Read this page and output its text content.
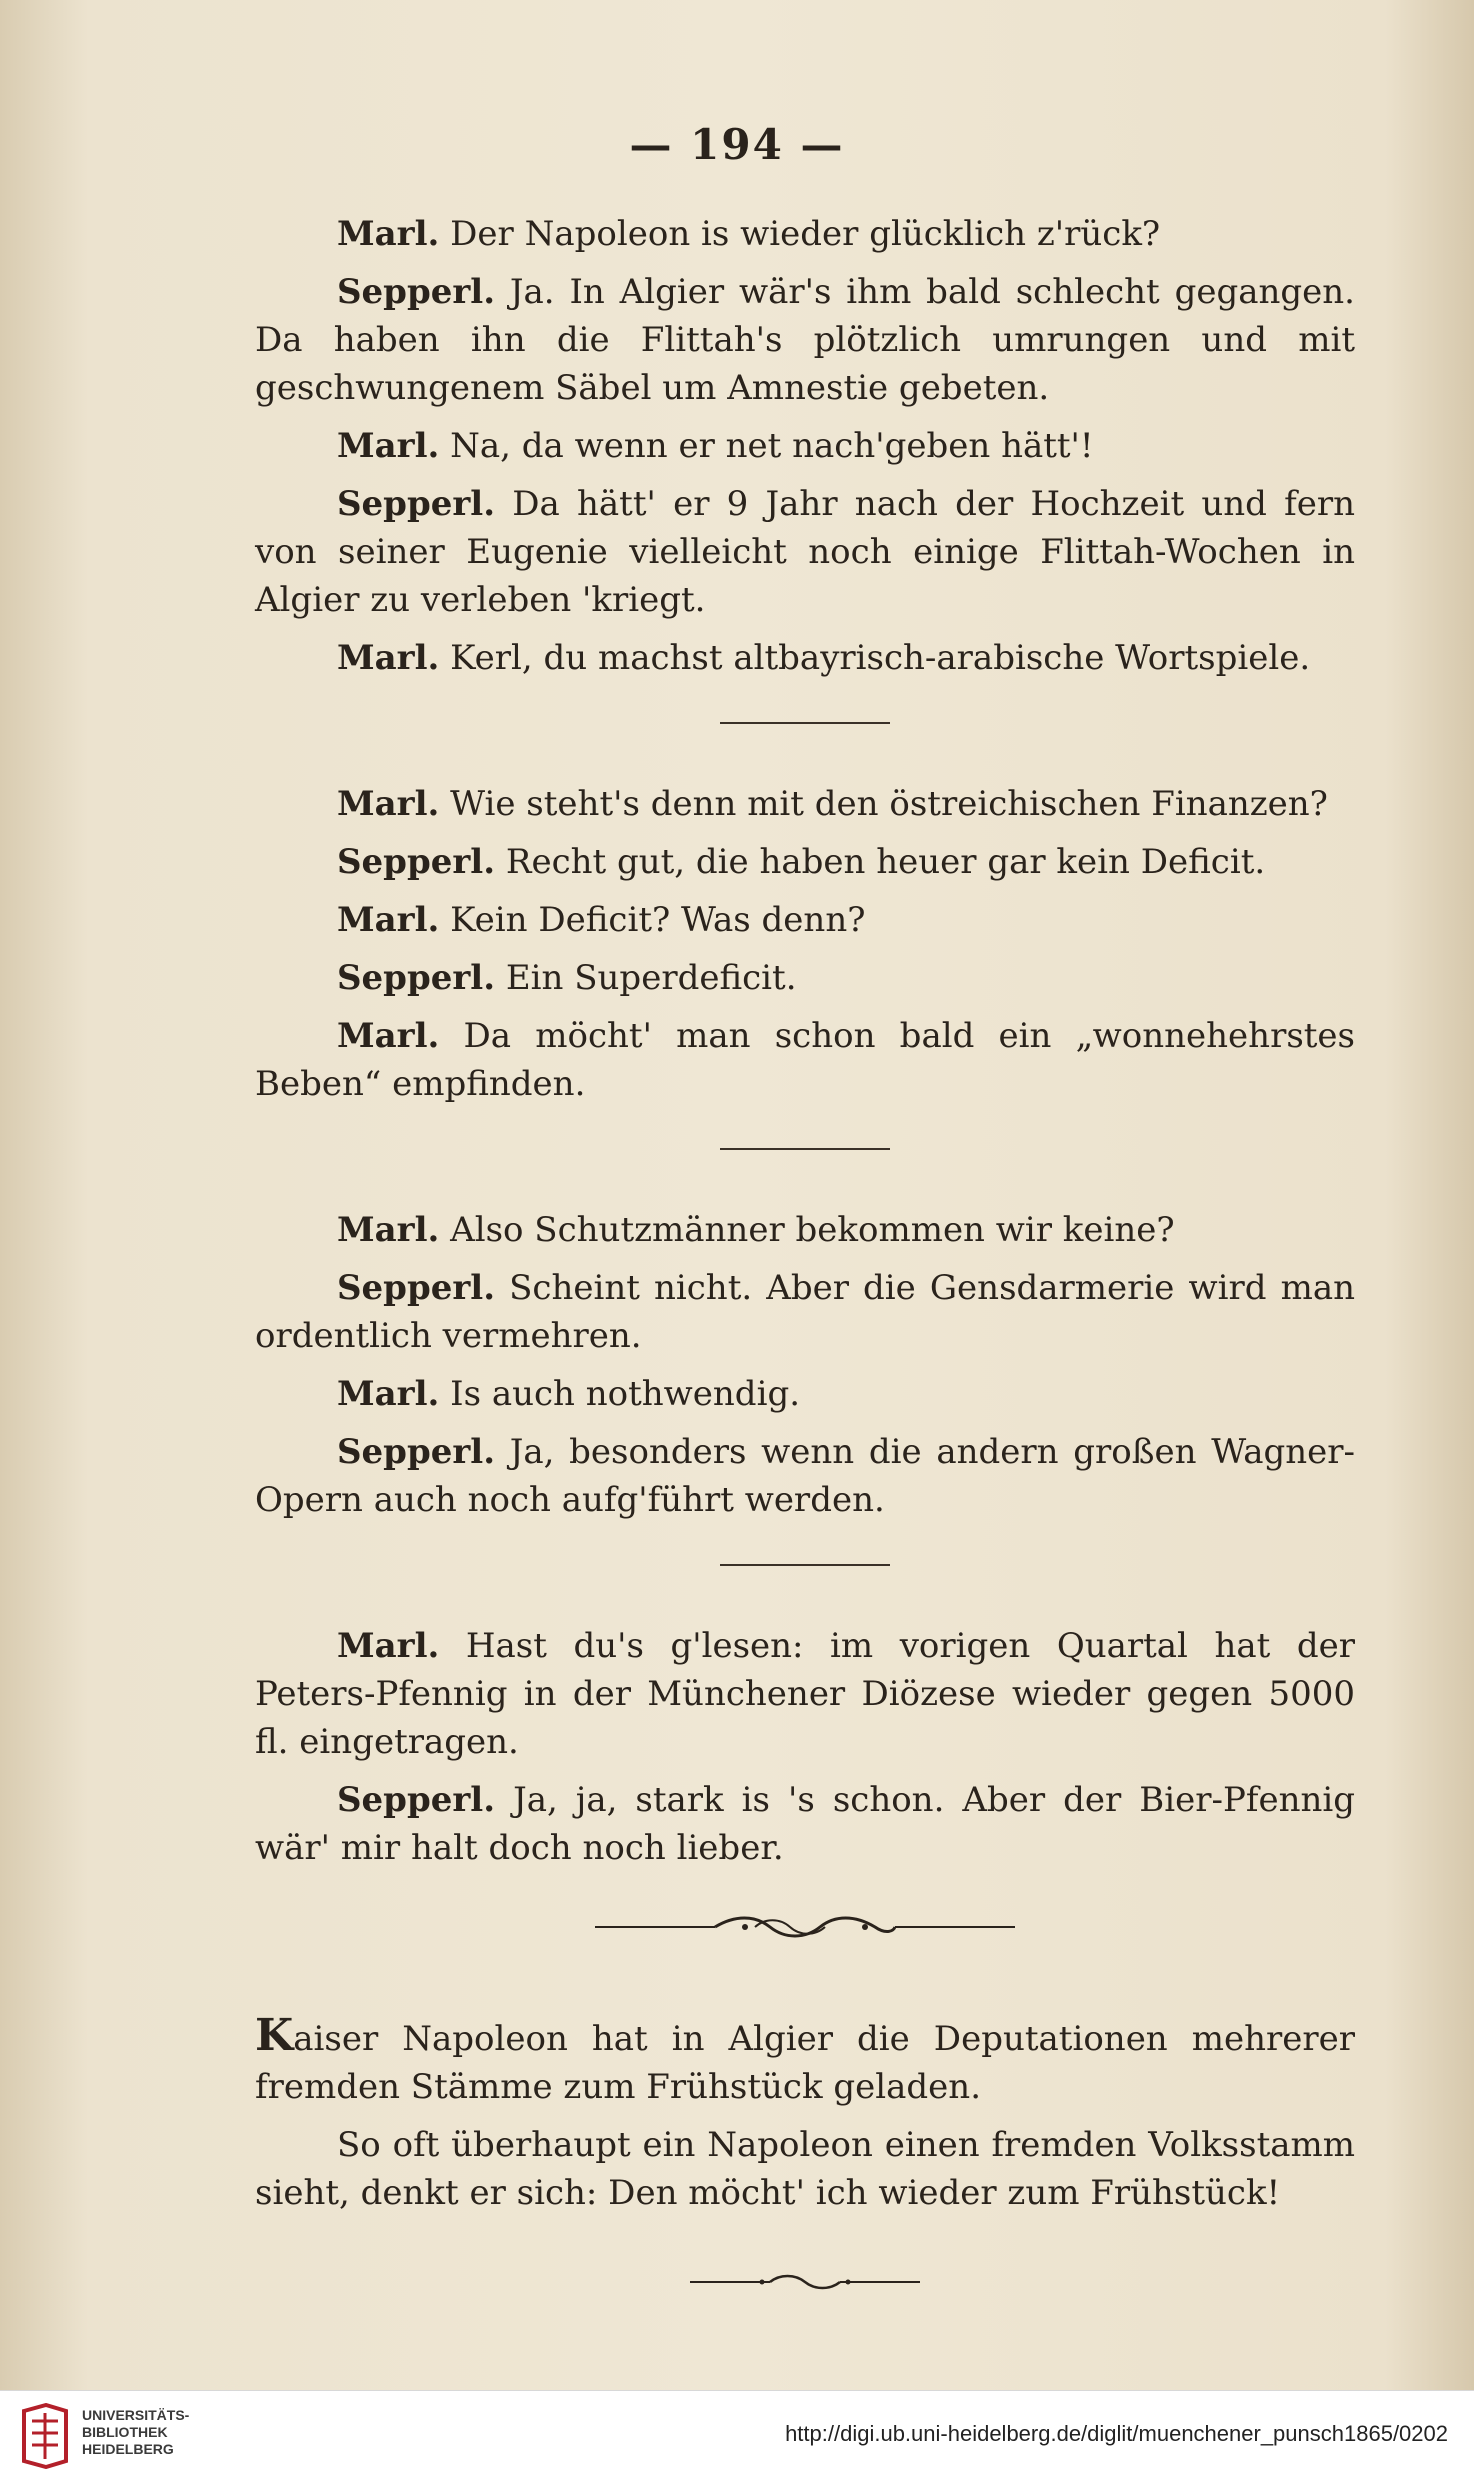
— 194 —

Marl. Der Napoleon is wieder glücklich z'rück?

Sepperl. Ja. In Algier wär's ihm bald schlecht gegangen. Da haben ihn die Flittah's plötzlich umrungen und mit geschwungenem Säbel um Amnestie gebeten.

Marl. Na, da wenn er net nach'geben hätt'!

Sepperl. Da hätt' er 9 Jahr nach der Hochzeit und fern von seiner Eugenie vielleicht noch einige Flittah-Wochen in Algier zu verleben 'kriegt.

Marl. Kerl, du machst altbayrisch-arabische Wortspiele.

Marl. Wie steht's denn mit den östreichischen Finanzen?

Sepperl. Recht gut, die haben heuer gar kein Deficit.

Marl. Kein Deficit? Was denn?

Sepperl. Ein Superdeficit.

Marl. Da möcht' man schon bald ein „wonnehehrstes Beben“ empfinden.

Marl. Also Schutzmänner bekommen wir keine?

Sepperl. Scheint nicht. Aber die Gensdarmerie wird man ordentlich vermehren.

Marl. Is auch nothwendig.

Sepperl. Ja, besonders wenn die andern großen Wagner-Opern auch noch aufg'führt werden.

Marl. Hast du's g'lesen: im vorigen Quartal hat der Peters-Pfennig in der Münchener Diözese wieder gegen 5000 fl. eingetragen.

Sepperl. Ja, ja, stark is 's schon. Aber der Bier-Pfennig wär' mir halt doch noch lieber.

Kaiser Napoleon hat in Algier die Deputationen mehrerer fremden Stämme zum Frühstück geladen.

So oft überhaupt ein Napoleon einen fremden Volksstamm sieht, denkt er sich: Den möcht' ich wieder zum Frühstück!

UNIVERSITÄTS-
BIBLIOTHEK
HEIDELBERG
http://digi.ub.uni-heidelberg.de/diglit/muenchener_punsch1865/0202
